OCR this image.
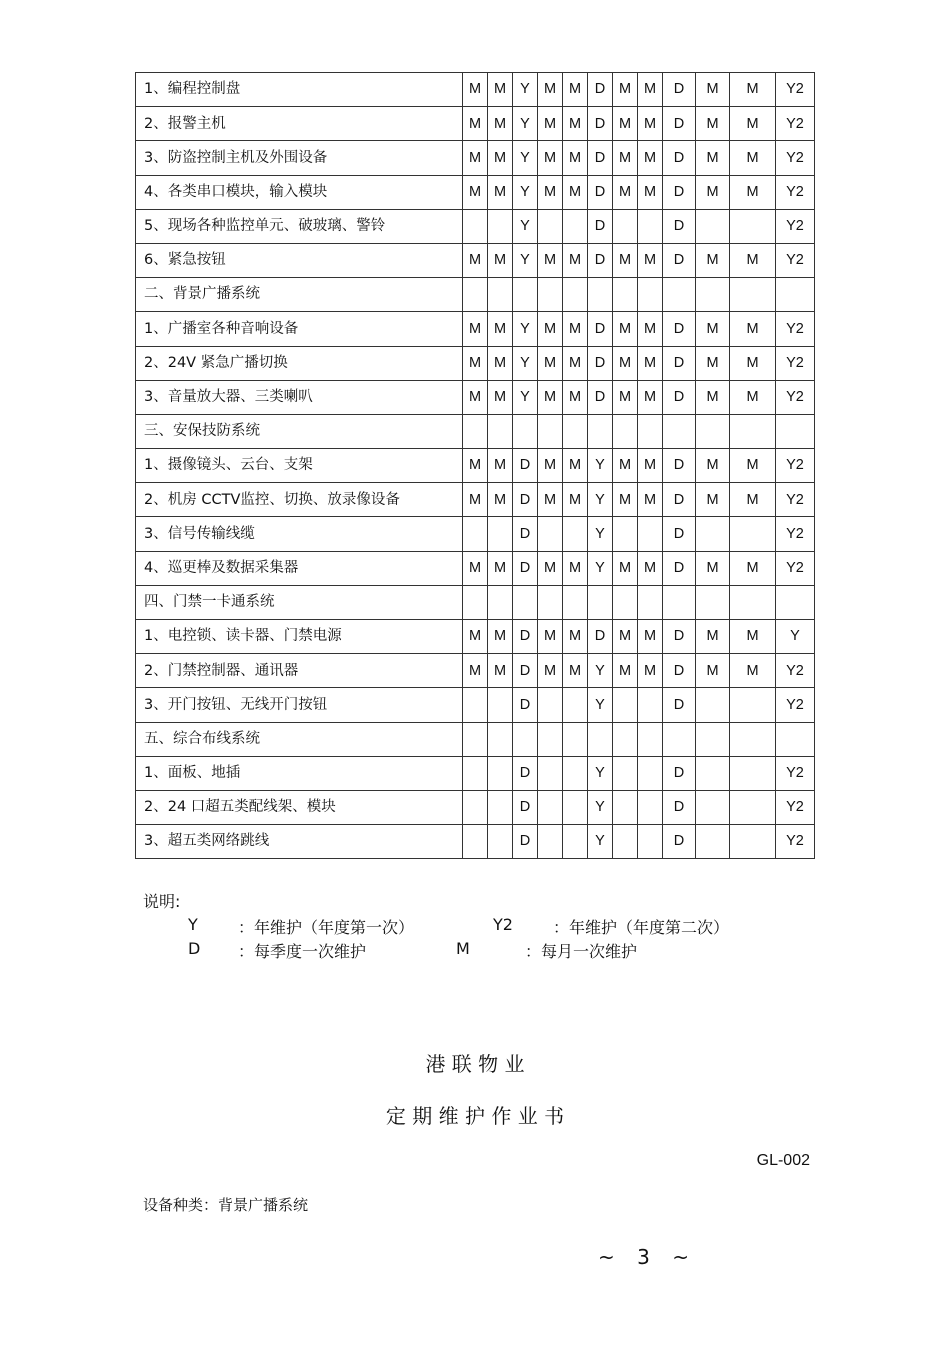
1、编程控制盘	M	M	Y	M	M	D	M	M	D	M	M	Y2
2、报警主机	M	M	Y	M	M	D	M	M	D	M	M	Y2
3、防盗控制主机及外围设备	M	M	Y	M	M	D	M	M	D	M	M	Y2
4、各类串口模块，输入模块	M	M	Y	M	M	D	M	M	D	M	M	Y2
5、现场各种监控单元、破玻璃、警铃			Y			D			D			Y2
6、紧急按钮	M	M	Y	M	M	D	M	M	D	M	M	Y2
二、背景广播系统												
1、广播室各种音响设备	M	M	Y	M	M	D	M	M	D	M	M	Y2
2、24V 紧急广播切换	M	M	Y	M	M	D	M	M	D	M	M	Y2
3、音量放大器、三类喇叭	M	M	Y	M	M	D	M	M	D	M	M	Y2
三、安保技防系统												
1、摄像镜头、云台、支架	M	M	D	M	M	Y	M	M	D	M	M	Y2
2、机房 CCTV监控、切换、放录像设备	M	M	D	M	M	Y	M	M	D	M	M	Y2
3、信号传输线缆			D			Y			D			Y2
4、巡更棒及数据采集器	M	M	D	M	M	Y	M	M	D	M	M	Y2
四、门禁一卡通系统												
1、电控锁、读卡器、门禁电源	M	M	D	M	M	D	M	M	D	M	M	Y
2、门禁控制器、通讯器	M	M	D	M	M	Y	M	M	D	M	M	Y2
3、开门按钮、无线开门按钮			D			Y			D			Y2
五、综合布线系统												
1、面板、地插			D			Y			D			Y2
2、24 口超五类配线架、模块			D			Y			D			Y2
3、超五类网络跳线			D			Y			D			Y2
说明:
Y	：年维护（年度第一次）	Y2	：年维护（年度第二次）
D ：每季度一次维护	M	：每月一次维护
港 联 物 业
定 期 维 护 作 业 书
GL-002
设备种类：背景广播系统
~ 3 ~
